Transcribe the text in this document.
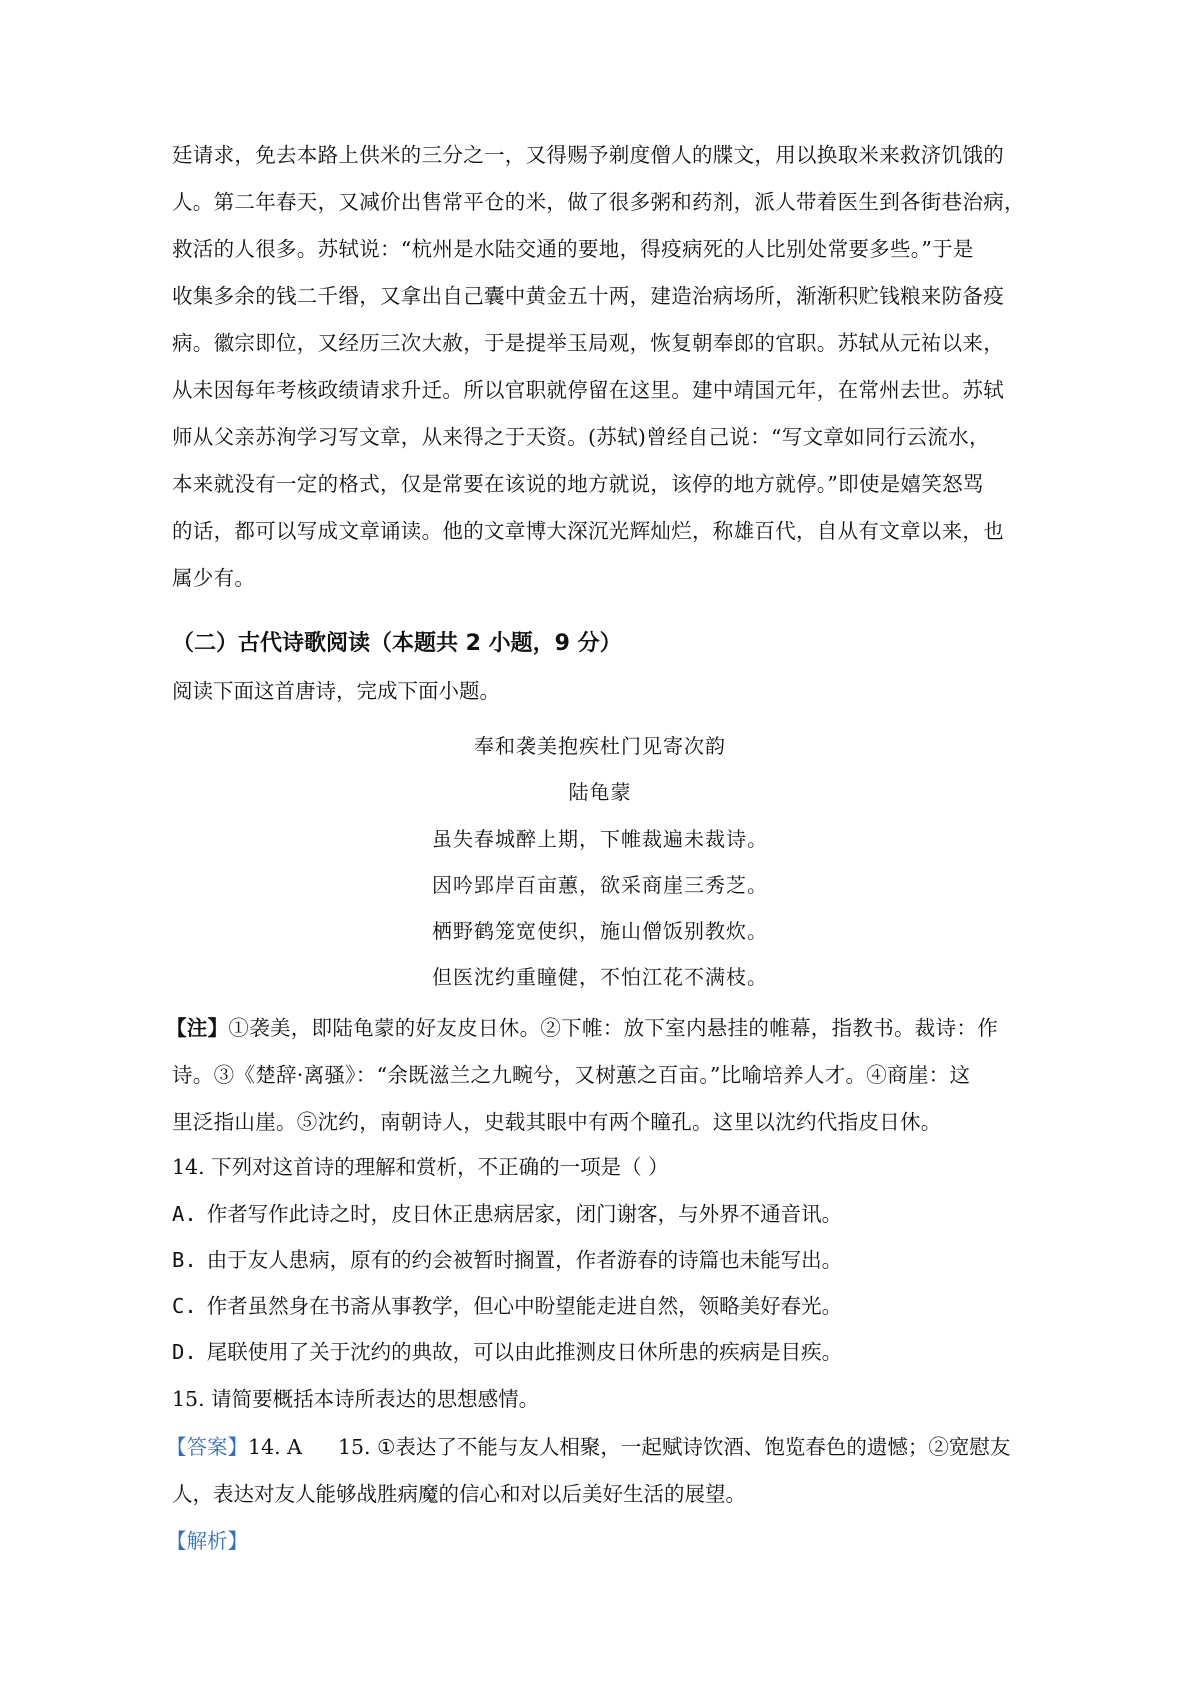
廷请求，免去本路上供米的三分之一，又得赐予剃度僧人的牒文，用以换取米来救济饥饿的
人。第二年春天，又减价出售常平仓的米，做了很多粥和药剂，派人带着医生到各街巷治病，
救活的人很多。苏轼说：“杭州是水陆交通的要地，得疫病死的人比别处常要多些。”于是
收集多余的钱二千缗，又拿出自己囊中黄金五十两，建造治病场所，渐渐积贮钱粮来防备疫
病。徽宗即位，又经历三次大赦，于是提举玉局观，恢复朝奉郎的官职。苏轼从元祐以来，
从未因每年考核政绩请求升迁。所以官职就停留在这里。建中靖国元年，在常州去世。苏轼
师从父亲苏洵学习写文章，从来得之于天资。(苏轼)曾经自己说：“写文章如同行云流水，
本来就没有一定的格式，仅是常要在该说的地方就说，该停的地方就停。”即使是嬉笑怒骂
的话，都可以写成文章诵读。他的文章博大深沉光辉灿烂，称雄百代，自从有文章以来，也
属少有。

（二）古代诗歌阅读（本题共 2 小题，9 分）

阅读下面这首唐诗，完成下面小题。

奉和袭美抱疾杜门见寄次韵

陆龟蒙

虽失春城醉上期，下帷裁遍未裁诗。

因吟郢岸百亩蕙，欲采商崖三秀芝。

栖野鹤笼宽使织，施山僧饭别教炊。

但医沈约重瞳健，不怕江花不满枝。

【注】①袭美，即陆龟蒙的好友皮日休。②下帷：放下室内悬挂的帷幕，指教书。裁诗：作
诗。③《楚辞·离骚》：“余既滋兰之九畹兮，又树蕙之百亩。”比喻培养人才。④商崖：这
里泛指山崖。⑤沈约，南朝诗人，史载其眼中有两个瞳孔。这里以沈约代指皮日休。

14. 下列对这首诗的理解和赏析，不正确的一项是（ ）

A. 作者写作此诗之时，皮日休正患病居家，闭门谢客，与外界不通音讯。

B. 由于友人患病，原有的约会被暂时搁置，作者游春的诗篇也未能写出。

C. 作者虽然身在书斋从事教学，但心中盼望能走进自然，领略美好春光。

D. 尾联使用了关于沈约的典故，可以由此推测皮日休所患的疾病是目疾。

15. 请简要概括本诗所表达的思想感情。

【答案】14. A 15. ①表达了不能与友人相聚，一起赋诗饮酒、饱览春色的遗憾；②宽慰友

人，表达对友人能够战胜病魔的信心和对以后美好生活的展望。

【解析】
